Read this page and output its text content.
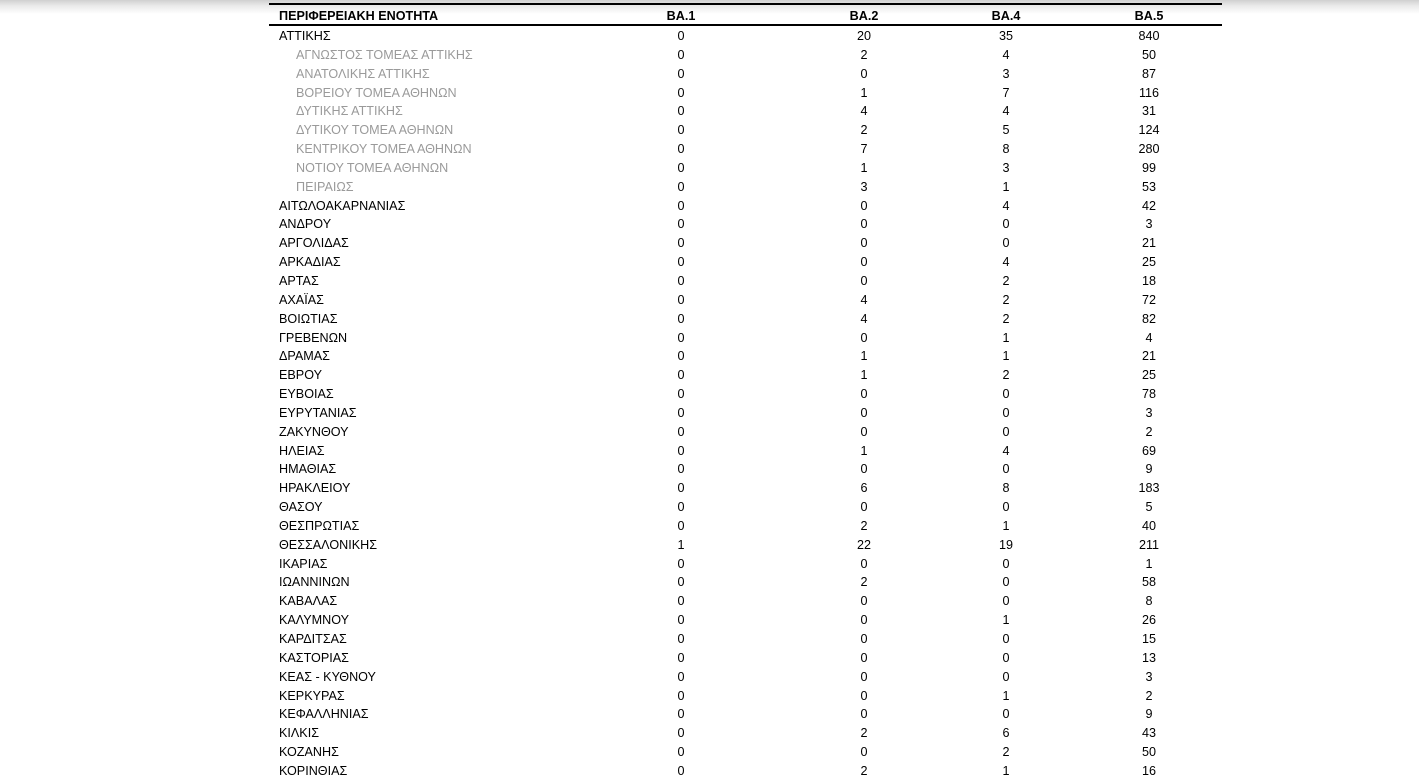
ΠΕΡΙΦΕΡΕΙΑΚΗ ΕΝΟΤΗΤΑ	ΒΑ.1	ΒΑ.2	ΒΑ.4	ΒΑ.5
ΑΤΤΙΚΗΣ	0	20	35	840
ΑΓΝΩΣΤΟΣ ΤΟΜΕΑΣ ΑΤΤΙΚΗΣ	0	2	4	50
ΑΝΑΤΟΛΙΚΗΣ ΑΤΤΙΚΗΣ	0	0	3	87
ΒΟΡΕΙΟΥ ΤΟΜΕΑ ΑΘΗΝΩΝ	0	1	7	116
ΔΥΤΙΚΗΣ ΑΤΤΙΚΗΣ	0	4	4	31
ΔΥΤΙΚΟΥ ΤΟΜΕΑ ΑΘΗΝΩΝ	0	2	5	124
ΚΕΝΤΡΙΚΟΥ ΤΟΜΕΑ ΑΘΗΝΩΝ	0	7	8	280
ΝΟΤΙΟΥ ΤΟΜΕΑ ΑΘΗΝΩΝ	0	1	3	99
ΠΕΙΡΑΙΩΣ	0	3	1	53
ΑΙΤΩΛΟΑΚΑΡΝΑΝΙΑΣ	0	0	4	42
ΑΝΔΡΟΥ	0	0	0	3
ΑΡΓΟΛΙΔΑΣ	0	0	0	21
ΑΡΚΑΔΙΑΣ	0	0	4	25
ΑΡΤΑΣ	0	0	2	18
ΑΧΑΪΑΣ	0	4	2	72
ΒΟΙΩΤΙΑΣ	0	4	2	82
ΓΡΕΒΕΝΩΝ	0	0	1	4
ΔΡΑΜΑΣ	0	1	1	21
ΕΒΡΟΥ	0	1	2	25
ΕΥΒΟΙΑΣ	0	0	0	78
ΕΥΡΥΤΑΝΙΑΣ	0	0	0	3
ΖΑΚΥΝΘΟΥ	0	0	0	2
ΗΛΕΙΑΣ	0	1	4	69
ΗΜΑΘΙΑΣ	0	0	0	9
ΗΡΑΚΛΕΙΟΥ	0	6	8	183
ΘΑΣΟΥ	0	0	0	5
ΘΕΣΠΡΩΤΙΑΣ	0	2	1	40
ΘΕΣΣΑΛΟΝΙΚΗΣ	1	22	19	211
ΙΚΑΡΙΑΣ	0	0	0	1
ΙΩΑΝΝΙΝΩΝ	0	2	0	58
ΚΑΒΑΛΑΣ	0	0	0	8
ΚΑΛΥΜΝΟΥ	0	0	1	26
ΚΑΡΔΙΤΣΑΣ	0	0	0	15
ΚΑΣΤΟΡΙΑΣ	0	0	0	13
ΚΕΑΣ - ΚΥΘΝΟΥ	0	0	0	3
ΚΕΡΚΥΡΑΣ	0	0	1	2
ΚΕΦΑΛΛΗΝΙΑΣ	0	0	0	9
ΚΙΛΚΙΣ	0	2	6	43
ΚΟΖΑΝΗΣ	0	0	2	50
ΚΟΡΙΝΘΙΑΣ	0	2	1	16
